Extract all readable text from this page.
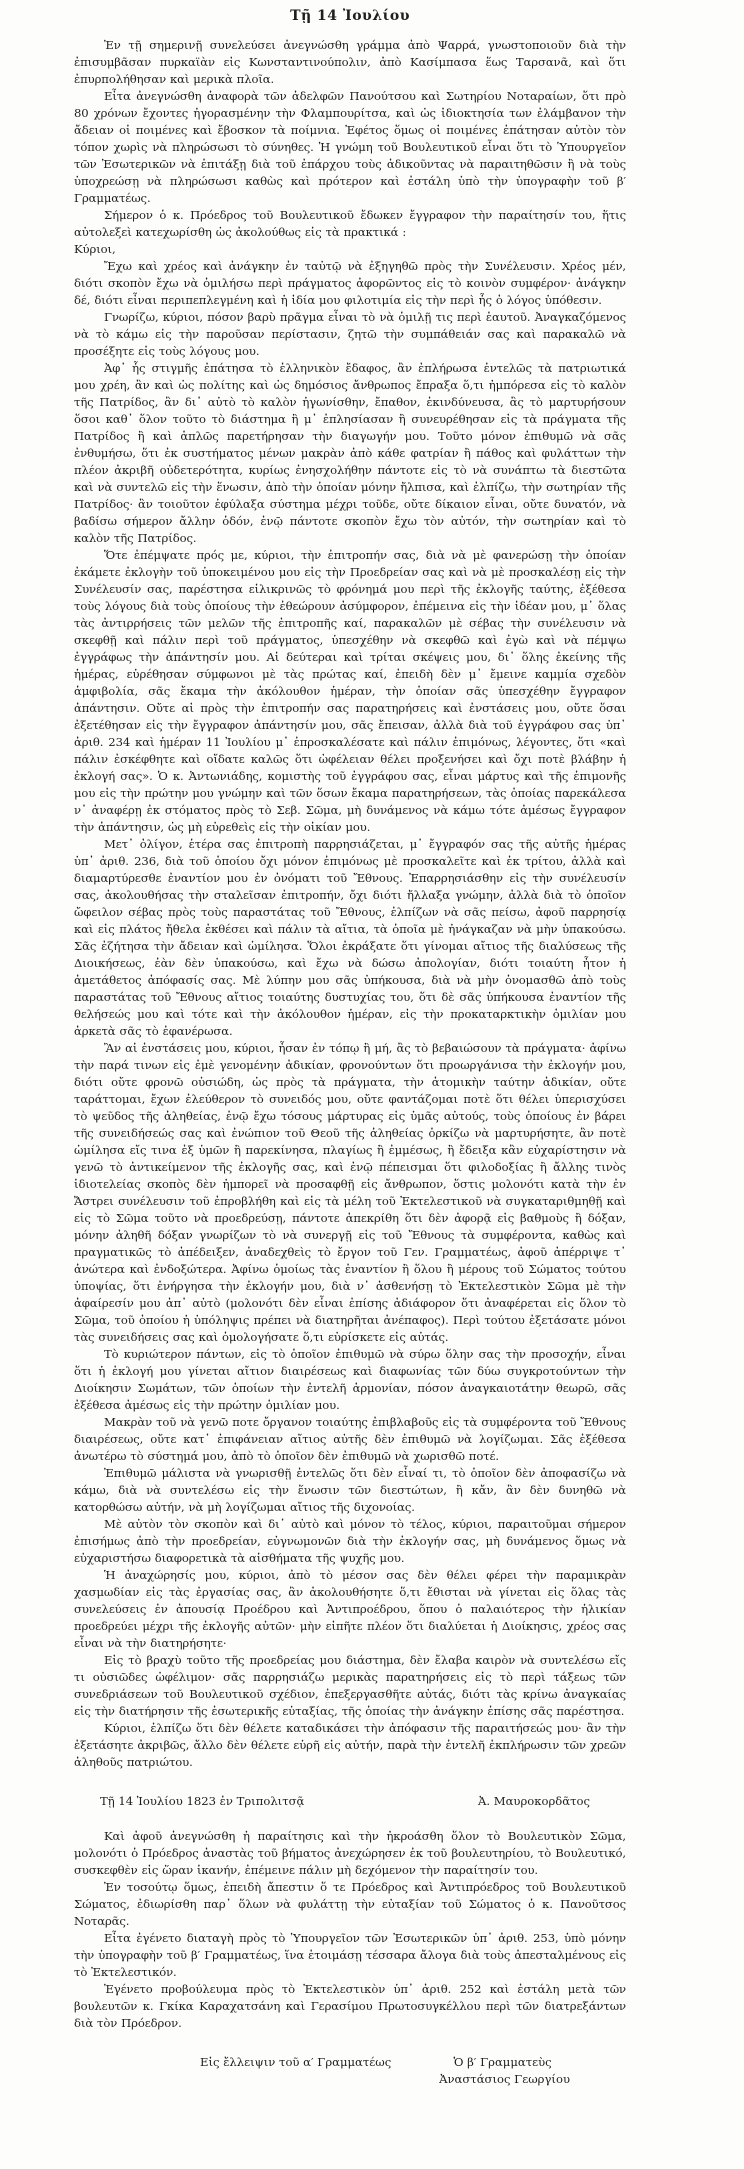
Τῇ 14 Ἰουλίου

Ἐν τῇ σημερινῇ συνελεύσει ἀνεγνώσθη γράμμα ἀπὸ Ψαρρά, γνωστοποιοῦν διὰ τὴν ἐπισυμβᾶσαν πυρκαϊὰν εἰς Κωνσταντινούπολιν, ἀπὸ Κασίμπασα ἕως Ταρσανᾶ, καὶ ὅτι ἐπυρπολήθησαν καὶ μερικὰ πλοῖα.

Εἶτα ἀνεγνώσθη ἀναφορὰ τῶν ἀδελφῶν Πανούτσου καὶ Σωτηρίου Νοταραίων, ὅτι πρὸ 80 χρόνων ἔχοντες ἠγορασμένην τὴν Φλαμπουρίτσα, καὶ ὡς ἰδιοκτησία των ἐλάμβανον τὴν ἄδειαν οἱ ποιμένες καὶ ἔβοσκον τὰ ποίμνια. Ἐφέτος ὅμως οἱ ποιμένες ἐπάτησαν αὐτὸν τὸν τόπον χωρὶς νὰ πληρώσωσι τὸ σύνηθες. Ἡ γνώμη τοῦ Βουλευτικοῦ εἶναι ὅτι τὸ Ὑπουργεῖον τῶν Ἐσωτερικῶν νὰ ἐπιτάξῃ διὰ τοῦ ἐπάρχου τοὺς ἀδικοῦντας νὰ παραιτηθῶσιν ἢ νὰ τοὺς ὑποχρεώσῃ νὰ πληρώσωσι καθὼς καὶ πρότερον καὶ ἐστάλη ὑπὸ τὴν ὑπογραφὴν τοῦ β′ Γραμματέως.

Σήμερον ὁ κ. Πρόεδρος τοῦ Βουλευτικοῦ ἔδωκεν ἔγγραφον τὴν παραίτησίν του, ἥτις αὐτολεξεὶ κατεχωρίσθη ὡς ἀκολούθως εἰς τὰ πρακτικά :

Κύριοι,

Ἔχω καὶ χρέος καὶ ἀνάγκην ἐν ταὐτῷ νὰ ἐξηγηθῶ πρὸς τὴν Συνέλευσιν. Χρέος μέν, διότι σκοπὸν ἔχω νὰ ὁμιλήσω περὶ πράγματος ἀφορῶντος εἰς τὸ κοινὸν συμφέρον· ἀνάγκην δέ, διότι εἶναι περιπεπλεγμένη καὶ ἡ ἰδία μου φιλοτιμία εἰς τὴν περὶ ἧς ὁ λόγος ὑπόθεσιν.

Γνωρίζω, κύριοι, πόσον βαρὺ πρᾶγμα εἶναι τὸ νὰ ὁμιλῇ τις περὶ ἑαυτοῦ. Ἀναγκαζόμενος νὰ τὸ κάμω εἰς τὴν παροῦσαν περίστασιν, ζητῶ τὴν συμπάθειάν σας καὶ παρακαλῶ νὰ προσέξητε εἰς τοὺς λόγους μου.

Ἀφ᾽ ἧς στιγμῆς ἐπάτησα τὸ ἑλληνικὸν ἔδαφος, ἂν ἐπλήρωσα ἐντελῶς τὰ πατριωτικά μου χρέη, ἂν καὶ ὡς πολίτης καὶ ὡς δημόσιος ἄνθρωπος ἔπραξα ὅ,τι ἠμπόρεσα εἰς τὸ καλὸν τῆς Πατρίδος, ἂν δι᾽ αὐτὸ τὸ καλὸν ἠγωνίσθην, ἔπαθον, ἐκινδύνευσα, ἂς τὸ μαρτυρήσουν ὅσοι καθ᾽ ὅλον τοῦτο τὸ διάστημα ἢ μ᾽ ἐπλησίασαν ἢ συνευρέθησαν εἰς τὰ πράγματα τῆς Πατρίδος ἢ καὶ ἁπλῶς παρετήρησαν τὴν διαγωγήν μου. Τοῦτο μόνον ἐπιθυμῶ νὰ σᾶς ἐνθυμήσω, ὅτι ἐκ συστήματος μένων μακρὰν ἀπὸ κάθε φατρίαν ἢ πάθος καὶ φυλάττων τὴν πλέον ἀκριβῆ οὐδετερότητα, κυρίως ἐνησχολήθην πάντοτε εἰς τὸ νὰ συνάπτω τὰ διεστῶτα καὶ νὰ συντελῶ εἰς τὴν ἕνωσιν, ἀπὸ τὴν ὁποίαν μόνην ἤλπισα, καὶ ἐλπίζω, τὴν σωτηρίαν τῆς Πατρίδος· ἂν τοιοῦτον ἐφύλαξα σύστημα μέχρι τοῦδε, οὔτε δίκαιον εἶναι, οὔτε δυνατόν, νὰ βαδίσω σήμερον ἄλλην ὁδόν, ἐνῷ πάντοτε σκοπὸν ἔχω τὸν αὐτόν, τὴν σωτηρίαν καὶ τὸ καλὸν τῆς Πατρίδος.

Ὅτε ἐπέμψατε πρός με, κύριοι, τὴν ἐπιτροπήν σας, διὰ νὰ μὲ φανερώσῃ τὴν ὁποίαν ἐκάμετε ἐκλογὴν τοῦ ὑποκειμένου μου εἰς τὴν Προεδρείαν σας καὶ νὰ μὲ προσκαλέσῃ εἰς τὴν Συνέλευσίν σας, παρέστησα εἰλικρινῶς τὸ φρόνημά μου περὶ τῆς ἐκλογῆς ταύτης, ἐξέθεσα τοὺς λόγους διὰ τοὺς ὁποίους τὴν ἐθεώρουν ἀσύμφορον, ἐπέμεινα εἰς τὴν ἰδέαν μου, μ᾽ ὅλας τὰς ἀντιρρήσεις τῶν μελῶν τῆς ἐπιτροπῆς καί, παρακαλῶν μὲ σέβας τὴν συνέλευσιν νὰ σκεφθῇ καὶ πάλιν περὶ τοῦ πράγματος, ὑπεσχέθην νὰ σκεφθῶ καὶ ἐγὼ καὶ νὰ πέμψω ἐγγράφως τὴν ἀπάντησίν μου. Αἱ δεύτεραι καὶ τρίται σκέψεις μου, δι᾽ ὅλης ἐκείνης τῆς ἡμέρας, εὑρέθησαν σύμφωνοι μὲ τὰς πρώτας καί, ἐπειδὴ δὲν μ᾽ ἔμεινε καμμία σχεδὸν ἀμφιβολία, σᾶς ἔκαμα τὴν ἀκόλουθον ἡμέραν, τὴν ὁποίαν σᾶς ὑπεσχέθην ἔγγραφον ἀπάντησιν. Οὔτε αἱ πρὸς τὴν ἐπιτροπήν σας παρατηρήσεις καὶ ἐνστάσεις μου, οὔτε ὅσαι ἐξετέθησαν εἰς τὴν ἔγγραφον ἀπάντησίν μου, σᾶς ἔπεισαν, ἀλλὰ διὰ τοῦ ἐγγράφου σας ὑπ᾽ ἀριθ. 234 καὶ ἡμέραν 11 Ἰουλίου μ᾽ ἐπροσκαλέσατε καὶ πάλιν ἐπιμόνως, λέγοντες, ὅτι «καὶ πάλιν ἐσκέφθητε καὶ οἴδατε καλῶς ὅτι ὠφέλειαν θέλει προξενήσει καὶ ὄχι ποτὲ βλάβην ἡ ἐκλογή σας». Ὁ κ. Ἀντωνιάδης, κομιστὴς τοῦ ἐγγράφου σας, εἶναι μάρτυς καὶ τῆς ἐπιμονῆς μου εἰς τὴν πρώτην μου γνώμην καὶ τῶν ὅσων ἔκαμα παρατηρήσεων, τὰς ὁποίας παρεκάλεσα ν᾽ ἀναφέρῃ ἐκ στόματος πρὸς τὸ Σεβ. Σῶμα, μὴ δυνάμενος νὰ κάμω τότε ἀμέσως ἔγγραφον τὴν ἀπάντησιν, ὡς μὴ εὑρεθεὶς εἰς τὴν οἰκίαν μου.

Μετ᾽ ὀλίγον, ἑτέρα σας ἐπιτροπὴ παρρησιάζεται, μ᾽ ἔγγραφόν σας τῆς αὐτῆς ἡμέρας ὑπ᾽ ἀριθ. 236, διὰ τοῦ ὁποίου ὄχι μόνον ἐπιμόνως μὲ προσκαλεῖτε καὶ ἐκ τρίτου, ἀλλὰ καὶ διαμαρτύρεσθε ἐναντίον μου ἐν ὀνόματι τοῦ Ἔθνους. Ἐπαρρησιάσθην εἰς τὴν συνέλευσίν σας, ἀκολουθήσας τὴν σταλεῖσαν ἐπιτροπήν, ὄχι διότι ἤλλαξα γνώμην, ἀλλὰ διὰ τὸ ὁποῖον ὤφειλον σέβας πρὸς τοὺς παραστάτας τοῦ Ἔθνους, ἐλπίζων νὰ σᾶς πείσω, ἀφοῦ παρρησίᾳ καὶ εἰς πλάτος ἤθελα ἐκθέσει καὶ πάλιν τὰ αἴτια, τὰ ὁποῖα μὲ ἠνάγκαζαν νὰ μὴν ὑπακούσω. Σᾶς ἐζήτησα τὴν ἄδειαν καὶ ὡμίλησα. Ὅλοι ἐκράξατε ὅτι γίνομαι αἴτιος τῆς διαλύσεως τῆς Διοικήσεως, ἐὰν δὲν ὑπακούσω, καὶ ἔχω νὰ δώσω ἀπολογίαν, διότι τοιαύτη ἦτον ἡ ἀμετάθετος ἀπόφασίς σας. Μὲ λύπην μου σᾶς ὑπήκουσα, διὰ νὰ μὴν ὀνομασθῶ ἀπὸ τοὺς παραστάτας τοῦ Ἔθνους αἴτιος τοιαύτης δυστυχίας του, ὅτι δὲ σᾶς ὑπήκουσα ἐναντίον τῆς θελήσεώς μου καὶ τότε καὶ τὴν ἀκόλουθον ἡμέραν, εἰς τὴν προκαταρκτικὴν ὁμιλίαν μου ἀρκετὰ σᾶς τὸ ἐφανέρωσα.

Ἂν αἱ ἐνστάσεις μου, κύριοι, ἦσαν ἐν τόπῳ ἢ μή, ἂς τὸ βεβαιώσουν τὰ πράγματα· ἀφίνω τὴν παρά τινων εἰς ἐμὲ γενομένην ἀδικίαν, φρονούντων ὅτι προωργάνισα τὴν ἐκλογήν μου, διότι οὔτε φρονῶ οὐσιώδη, ὡς πρὸς τὰ πράγματα, τὴν ἀτομικὴν ταύτην ἀδικίαν, οὔτε ταράττομαι, ἔχων ἐλεύθερον τὸ συνειδός μου, οὔτε φαντάζομαι ποτὲ ὅτι θέλει ὑπερισχύσει τὸ ψεῦδος τῆς ἀληθείας, ἐνῷ ἔχω τόσους μάρτυρας εἰς ὑμᾶς αὐτούς, τοὺς ὁποίους ἐν βάρει τῆς συνειδήσεώς σας καὶ ἐνώπιον τοῦ Θεοῦ τῆς ἀληθείας ὁρκίζω νὰ μαρτυρήσητε, ἂν ποτὲ ὡμίλησα εἴς τινα ἐξ ὑμῶν ἢ παρεκίνησα, πλαγίως ἢ ἐμμέσως, ἢ ἔδειξα κἂν εὐχαρίστησιν νὰ γενῶ τὸ ἀντικείμενον τῆς ἐκλογῆς σας, καὶ ἐνῷ πέπεισμαι ὅτι φιλοδοξίας ἢ ἄλλης τινὸς ἰδιοτελείας σκοπὸς δὲν ἠμπορεῖ νὰ προσαφθῇ εἰς ἄνθρωπον, ὅστις μολονότι κατὰ τὴν ἐν Ἄστρει συνέλευσιν τοῦ ἐπροβλήθη καὶ εἰς τὰ μέλη τοῦ Ἐκτελεστικοῦ νὰ συγκαταριθμηθῇ καὶ εἰς τὸ Σῶμα τοῦτο νὰ προεδρεύσῃ, πάντοτε ἀπεκρίθη ὅτι δὲν ἀφορᾷ εἰς βαθμοὺς ἢ δόξαν, μόνην ἀληθῆ δόξαν γνωρίζων τὸ νὰ συνεργῇ εἰς τοῦ Ἔθνους τὰ συμφέροντα, καθὼς καὶ πραγματικῶς τὸ ἀπέδειξεν, ἀναδεχθεὶς τὸ ἔργον τοῦ Γεν. Γραμματέως, ἀφοῦ ἀπέρριψε τ᾽ ἀνώτερα καὶ ἐνδοξώτερα. Ἀφίνω ὁμοίως τὰς ἐναντίον ἢ ὅλου ἢ μέρους τοῦ Σώματος τούτου ὑποψίας, ὅτι ἐνήργησα τὴν ἐκλογήν μου, διὰ ν᾽ ἀσθενήσῃ τὸ Ἐκτελεστικὸν Σῶμα μὲ τὴν ἀφαίρεσίν μου ἀπ᾽ αὐτὸ (μολονότι δὲν εἶναι ἐπίσης ἀδιάφορον ὅτι ἀναφέρεται εἰς ὅλον τὸ Σῶμα, τοῦ ὁποίου ἡ ὑπόληψις πρέπει νὰ διατηρῆται ἀνέπαφος). Περὶ τούτου ἐξετάσατε μόνοι τὰς συνειδήσεις σας καὶ ὁμολογήσατε ὅ,τι εὑρίσκετε εἰς αὐτάς.

Τὸ κυριώτερον πάντων, εἰς τὸ ὁποῖον ἐπιθυμῶ νὰ σύρω ὅλην σας τὴν προσοχήν, εἶναι ὅτι ἡ ἐκλογή μου γίνεται αἴτιον διαιρέσεως καὶ διαφωνίας τῶν δύω συγκροτούντων τὴν Διοίκησιν Σωμάτων, τῶν ὁποίων τὴν ἐντελῆ ἁρμονίαν, πόσον ἀναγκαιοτάτην θεωρῶ, σᾶς ἐξέθεσα ἀμέσως εἰς τὴν πρώτην ὁμιλίαν μου.

Μακρὰν τοῦ νὰ γενῶ ποτε ὄργανον τοιαύτης ἐπιβλαβοῦς εἰς τὰ συμφέροντα τοῦ Ἔθνους διαιρέσεως, οὔτε κατ᾽ ἐπιφάνειαν αἴτιος αὐτῆς δὲν ἐπιθυμῶ νὰ λογίζωμαι. Σᾶς ἐξέθεσα ἀνωτέρω τὸ σύστημά μου, ἀπὸ τὸ ὁποῖον δὲν ἐπιθυμῶ νὰ χωρισθῶ ποτέ.

Ἐπιθυμῶ μάλιστα νὰ γνωρισθῇ ἐντελῶς ὅτι δὲν εἶναί τι, τὸ ὁποῖον δὲν ἀποφασίζω νὰ κάμω, διὰ νὰ συντελέσω εἰς τὴν ἕνωσιν τῶν διεστώτων, ἢ κἄν, ἂν δὲν δυνηθῶ νὰ κατορθώσω αὐτήν, νὰ μὴ λογίζωμαι αἴτιος τῆς διχονοίας.

Μὲ αὐτὸν τὸν σκοπὸν καὶ δι᾽ αὐτὸ καὶ μόνον τὸ τέλος, κύριοι, παραιτοῦμαι σήμερον ἐπισήμως ἀπὸ τὴν προεδρείαν, εὐγνωμονῶν διὰ τὴν ἐκλογήν σας, μὴ δυνάμενος ὅμως νὰ εὐχαριστήσω διαφορετικὰ τὰ αἰσθήματα τῆς ψυχῆς μου.

Ἡ ἀναχώρησίς μου, κύριοι, ἀπὸ τὸ μέσον σας δὲν θέλει φέρει τὴν παραμικρὰν χασμωδίαν εἰς τὰς ἐργασίας σας, ἂν ἀκολουθήσητε ὅ,τι ἔθισται νὰ γίνεται εἰς ὅλας τὰς συνελεύσεις ἐν ἀπουσίᾳ Προέδρου καὶ Ἀντιπροέδρου, ὅπου ὁ παλαιότερος τὴν ἡλικίαν προεδρεύει μέχρι τῆς ἐκλογῆς αὐτῶν· μὴν εἰπῆτε πλέον ὅτι διαλύεται ἡ Διοίκησις, χρέος σας εἶναι νὰ τὴν διατηρήσητε·

Εἰς τὸ βραχὺ τοῦτο τῆς προεδρείας μου διάστημα, δὲν ἔλαβα καιρὸν νὰ συντελέσω εἴς τι οὐσιῶδες ὠφέλιμον· σᾶς παρρησιάζω μερικὰς παρατηρήσεις εἰς τὸ περὶ τάξεως τῶν συνεδριάσεων τοῦ Βουλευτικοῦ σχέδιον, ἐπεξεργασθῆτε αὐτάς, διότι τὰς κρίνω ἀναγκαίας εἰς τὴν διατήρησιν τῆς ἐσωτερικῆς εὐταξίας, τῆς ὁποίας τὴν ἀνάγκην ἐπίσης σᾶς παρέστησα.

Κύριοι, ἐλπίζω ὅτι δὲν θέλετε καταδικάσει τὴν ἀπόφασιν τῆς παραιτήσεώς μου· ἂν τὴν ἐξετάσητε ἀκριβῶς, ἄλλο δὲν θέλετε εὑρῆ εἰς αὐτήν, παρὰ τὴν ἐντελῆ ἐκπλήρωσιν τῶν χρεῶν ἀληθοῦς πατριώτου.

Τῇ 14 Ἰουλίου 1823 ἐν Τριπολιτσᾷ	Ἀ. Μαυροκορδᾶτος

Καὶ ἀφοῦ ἀνεγνώσθη ἡ παραίτησις καὶ τὴν ἠκροάσθη ὅλον τὸ Βουλευτικὸν Σῶμα, μολονότι ὁ Πρόεδρος ἀναστὰς τοῦ βήματος ἀνεχώρησεν ἐκ τοῦ βουλευτηρίου, τὸ Βουλευτικό, συσκεφθὲν εἰς ὥραν ἱκανήν, ἐπέμεινε πάλιν μὴ δεχόμενον τὴν παραίτησίν του.

Ἐν τοσούτῳ ὅμως, ἐπειδὴ ἄπεστιν ὅ τε Πρόεδρος καὶ Ἀντιπρόεδρος τοῦ Βουλευτικοῦ Σώματος, ἐδιωρίσθη παρ᾽ ὅλων νὰ φυλάττῃ τὴν εὐταξίαν τοῦ Σώματος ὁ κ. Πανοῦτσος Νοταρᾶς.

Εἶτα ἐγένετο διαταγὴ πρὸς τὸ Ὑπουργεῖον τῶν Ἐσωτερικῶν ὑπ᾽ ἀριθ. 253, ὑπὸ μόνην τὴν ὑπογραφὴν τοῦ β′ Γραμματέως, ἵνα ἑτοιμάσῃ τέσσαρα ἄλογα διὰ τοὺς ἀπεσταλμένους εἰς τὸ Ἐκτελεστικόν.

Ἐγένετο προβούλευμα πρὸς τὸ Ἐκτελεστικὸν ὑπ᾽ ἀριθ. 252 καὶ ἐστάλη μετὰ τῶν βουλευτῶν κ. Γκίκα Καραχατσάνη καὶ Γερασίμου Πρωτοσυγκέλλου περὶ τῶν διατρεξάντων διὰ τὸν Πρόεδρον.

Εἰς ἔλλειψιν τοῦ α′ Γραμματέως	Ὁ β′ Γραμματεὺς
Ἀναστάσιος Γεωργίου
